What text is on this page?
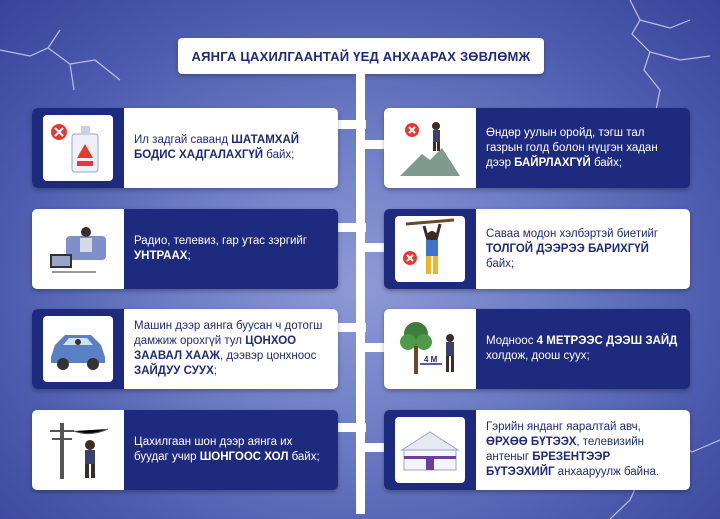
АЯНГА ЦАХИЛГААНТАЙ ҮЕД АНХААРАХ ЗӨВЛӨМЖ
Ил задгай саванд ШАТАМХАЙ БОДИС ХАДГАЛАХГҮЙ байх;
Өндөр уулын оройд, тэгш тал газрын голд болон нүцгэн хадан дээр БАЙРЛАХГҮЙ байх;
Радио, телевиз, гар утас зэргийг УНТРААХ;
Саваа модон хэлбэртэй биетийг ТОЛГОЙ ДЭЭРЭЭ БАРИХГҮЙ байх;
Машин дээр аянга буусан ч дотогш дамжиж орохгүй тул ЦОНХОО ЗААВАЛ ХААЖ, дээвэр цонхноос ЗАЙДУУ СУУХ;
4 М
Модноос 4 МЕТРЭЭС ДЭЭШ ЗАЙД холдож, доош суух;
Цахилгаан шон дээр аянга их буудаг учир ШОНГООС ХОЛ байх;
Гэрийн янданг яаралтай авч, ӨРХӨӨ БҮТЭЭХ, телевизийн антеныг БРЕЗЕНТЭЭР БҮТЭЭХИЙГ анхааруулж байна.
